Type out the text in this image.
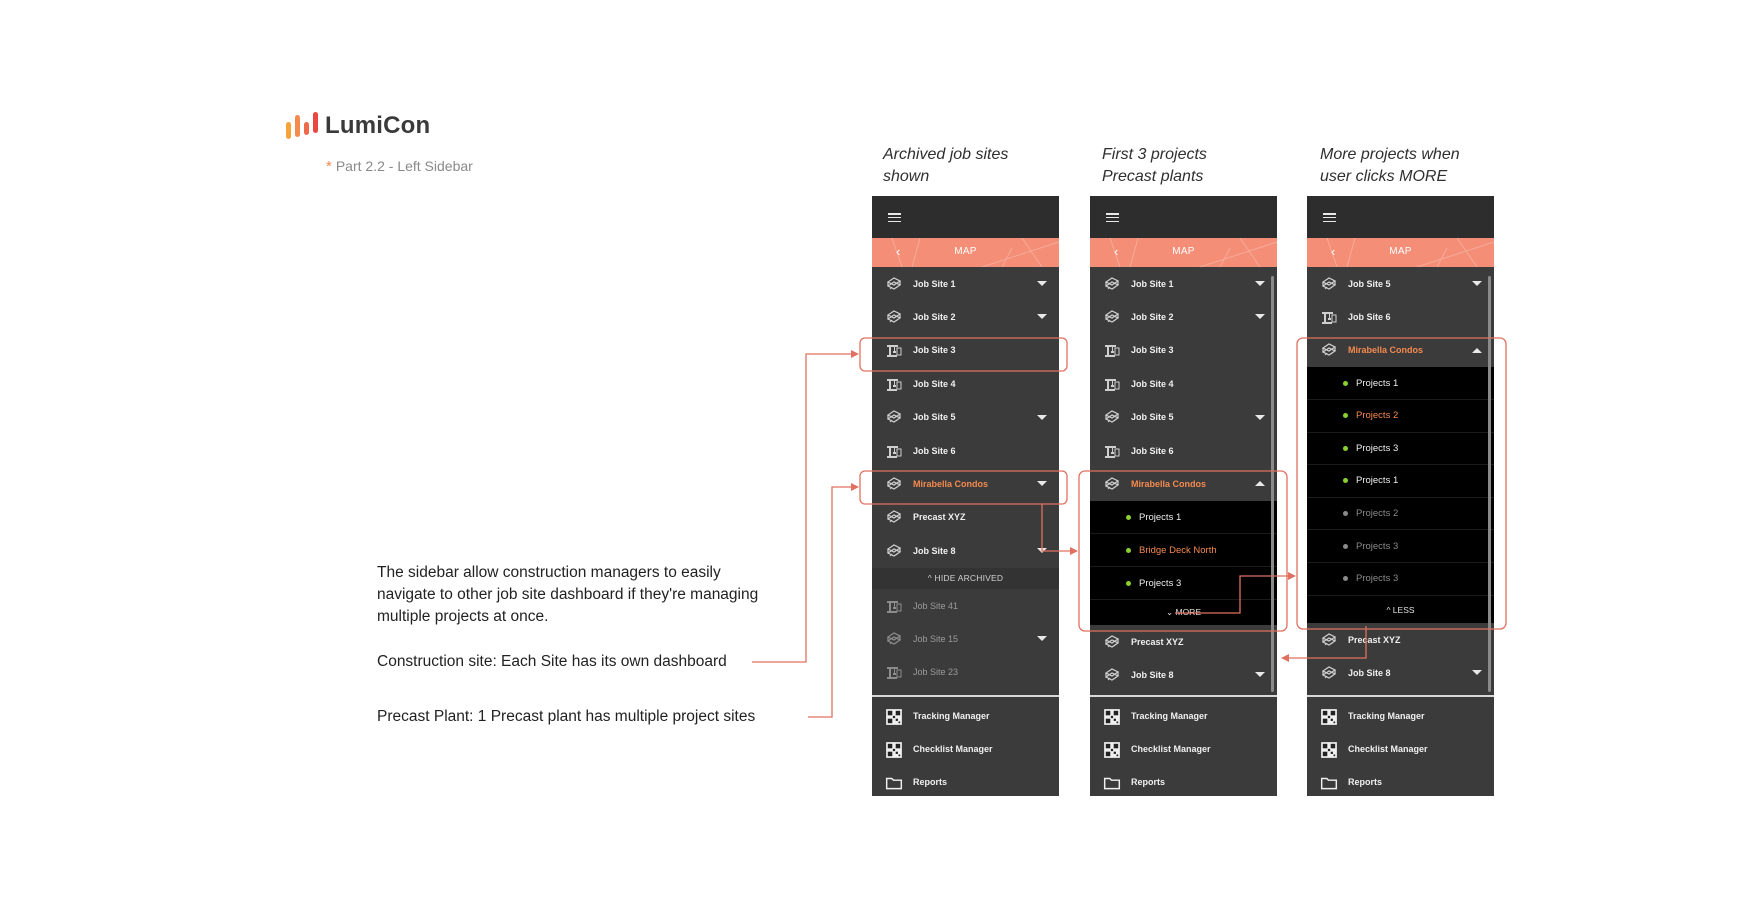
LumiCon
* Part 2.2 - Left Sidebar
Archived job sites
shown
First 3 projects
Precast plants
More projects when
user clicks MORE
The sidebar allow construction managers to easily
navigate to other job site dashboard if they're managing
multiple projects at once.
Construction site: Each Site has its own dashboard
Precast Plant: 1 Precast plant has multiple project sites
‹	MAP
Job Site 1
Job Site 2
Job Site 3
Job Site 4
Job Site 5
Job Site 6
Mirabella Condos
Precast XYZ
Job Site 8
^ HIDE ARCHIVED
Job Site 41
Job Site 15
Job Site 23
Tracking Manager
Checklist Manager
Reports
‹	MAP
Job Site 1
Job Site 2
Job Site 3
Job Site 4
Job Site 5
Job Site 6
Mirabella Condos
Projects 1
Bridge Deck North
Projects 3
⌄ MORE
Precast XYZ
Job Site 8
Tracking Manager
Checklist Manager
Reports
‹	MAP
Job Site 5
Job Site 6
Mirabella Condos
Projects 1
Projects 2
Projects 3
Projects 1
Projects 2
Projects 3
Projects 3
^ LESS
Precast XYZ
Job Site 8
Tracking Manager
Checklist Manager
Reports
